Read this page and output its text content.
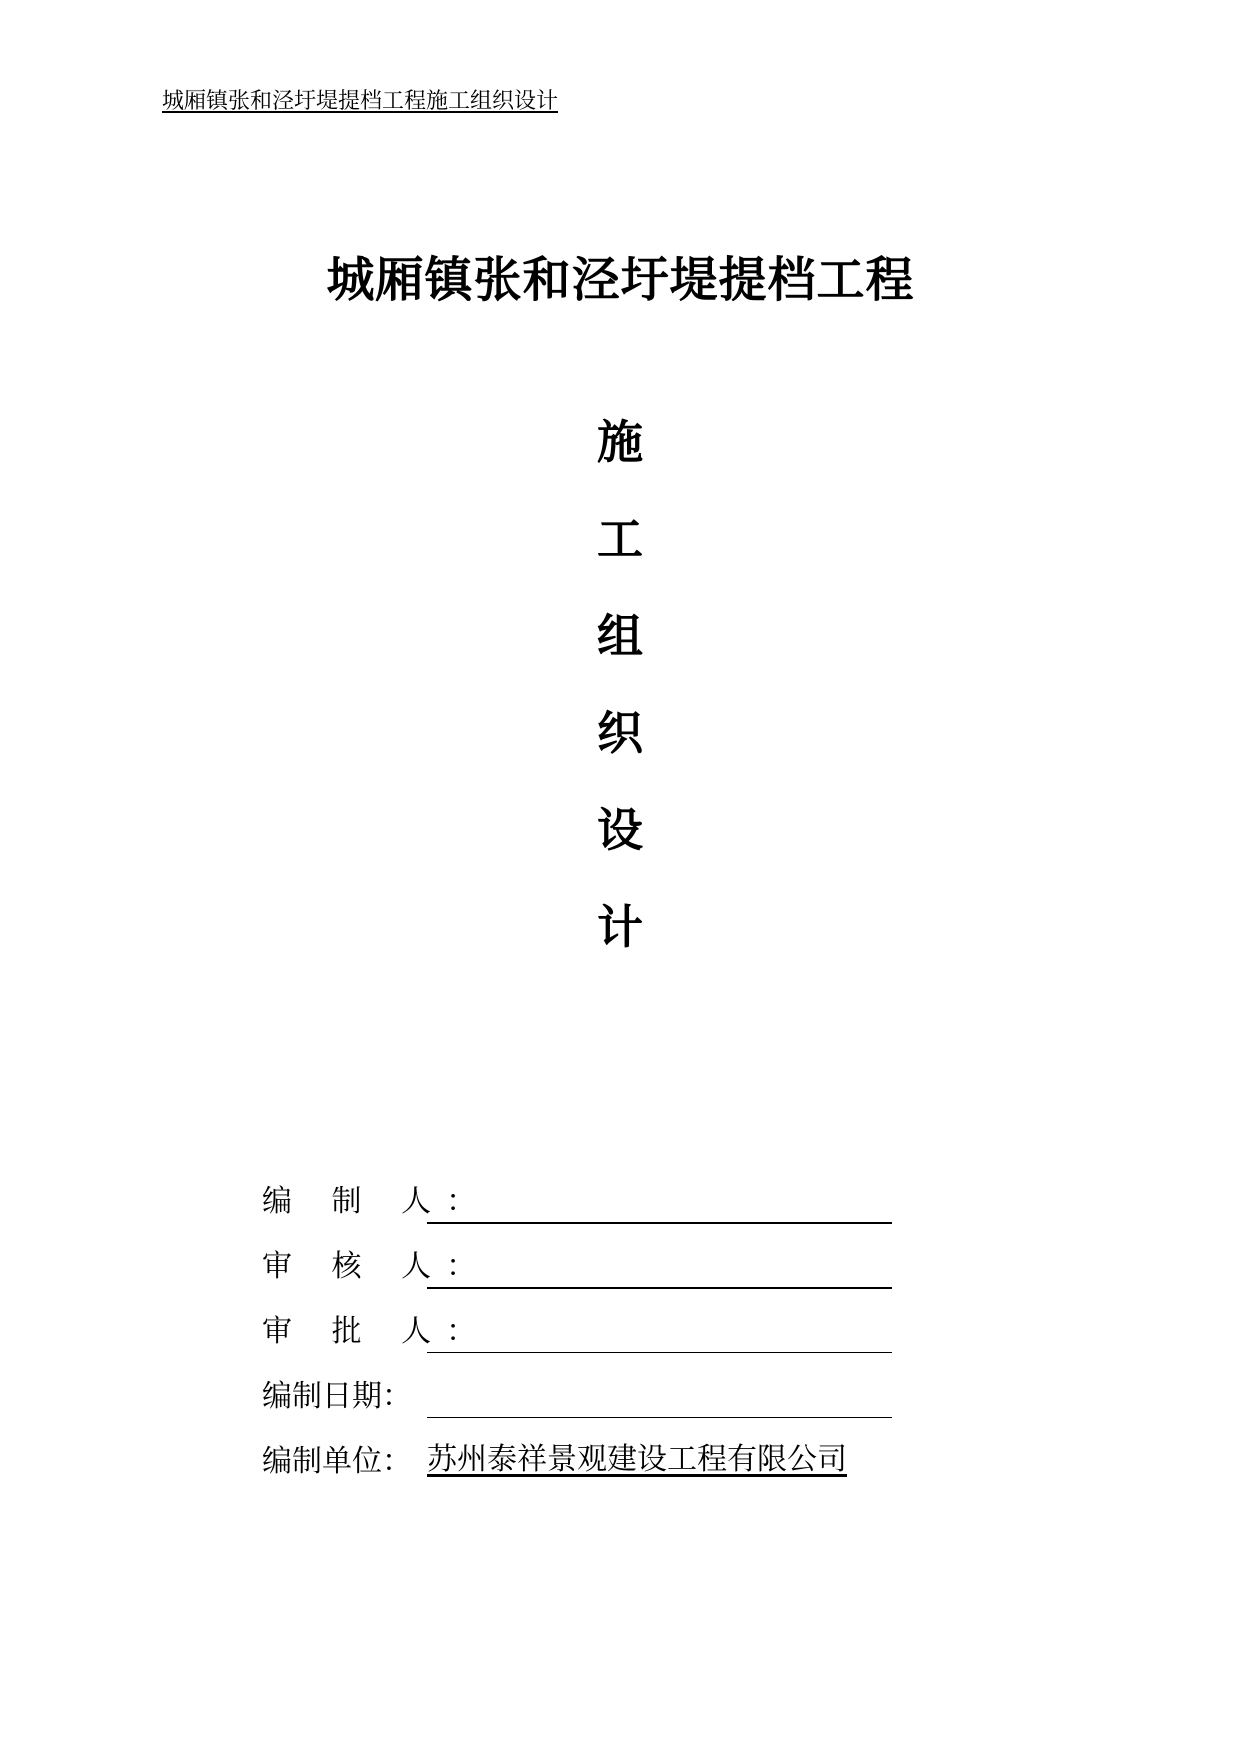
城厢镇张和泾圩堤提档工程施工组织设计
城厢镇张和泾圩堤提档工程
施
工
组
织
设
计
编 制 人：
审 核 人：
审 批 人：
编制日期：
编制单位： 苏州泰祥景观建设工程有限公司
